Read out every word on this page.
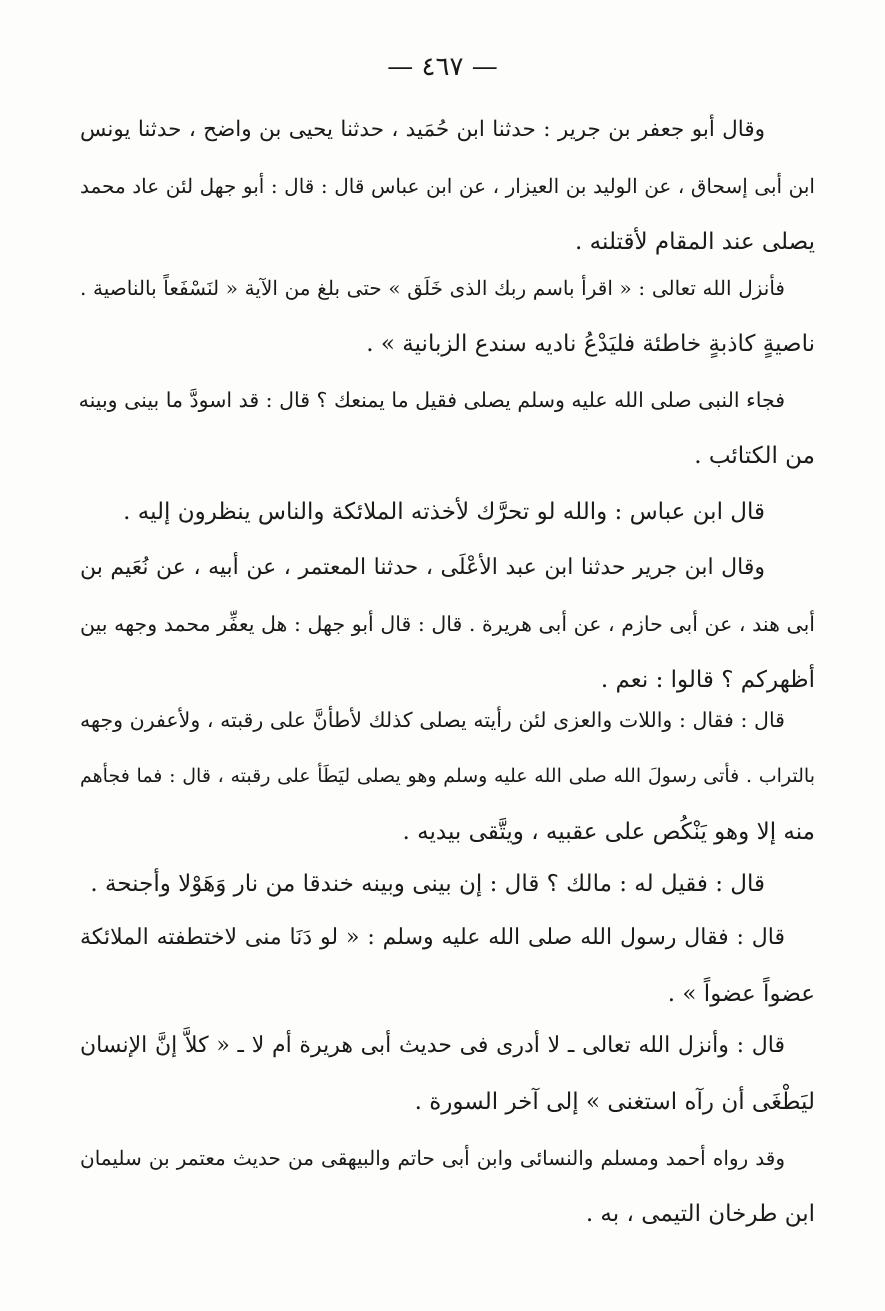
— ٤٦٧ —
وقال أبو جعفر بن جرير : حدثنا ابن حُمَيد ، حدثنا يحيى بن واضح ، حدثنا يونس
ابن أبى إسحاق ، عن الوليد بن العيزار ، عن ابن عباس قال : قال : أبو جهل لئن عاد محمد
يصلى عند المقام لأقتلنه .
فأنزل الله تعالى : « اقرأ باسم ربك الذى خَلَق » حتى بلغ من الآية « لنَسْفَعاً بالناصية .
ناصيةٍ كاذبةٍ خاطئة فليَدْعُ ناديه سندع الزبانية » .
فجاء النبى صلى الله عليه وسلم يصلى فقيل ما يمنعك ؟ قال : قد اسودَّ ما بينى وبينه
من الكتائب .
قال ابن عباس : والله لو تحرَّك لأخذته الملائكة والناس ينظرون إليه .
وقال ابن جرير حدثنا ابن عبد الأعْلَى ، حدثنا المعتمر ، عن أبيه ، عن نُعَيم بن
أبى هند ، عن أبى حازم ، عن أبى هريرة . قال : قال أبو جهل : هل يعفِّر محمد وجهه بين
أظهركم ؟ قالوا : نعم .
قال : فقال : واللات والعزى لئن رأيته يصلى كذلك لأطأنَّ على رقبته ، ولأعفرن وجهه
بالتراب . فأتى رسولَ الله صلى الله عليه وسلم وهو يصلى ليَطَأ على رقبته ، قال : فما فجأهم
منه إلا وهو يَنْكُص على عقبيه ، ويتَّقى بيديه .
قال : فقيل له : مالك ؟ قال : إن بينى وبينه خندقا من نار وَهَوْلا وأجنحة .
قال : فقال رسول الله صلى الله عليه وسلم : « لو دَنَا منى لاختطفته الملائكة
عضواً عضواً » .
قال : وأنزل الله تعالى ـ لا أدرى فى حديث أبى هريرة أم لا ـ « كلاَّ إنَّ الإنسان
ليَطْغَى أن رآه استغنى » إلى آخر السورة .
وقد رواه أحمد ومسلم والنسائى وابن أبى حاتم والبيهقى من حديث معتمر بن سليمان
ابن طرخان التيمى ، به .
